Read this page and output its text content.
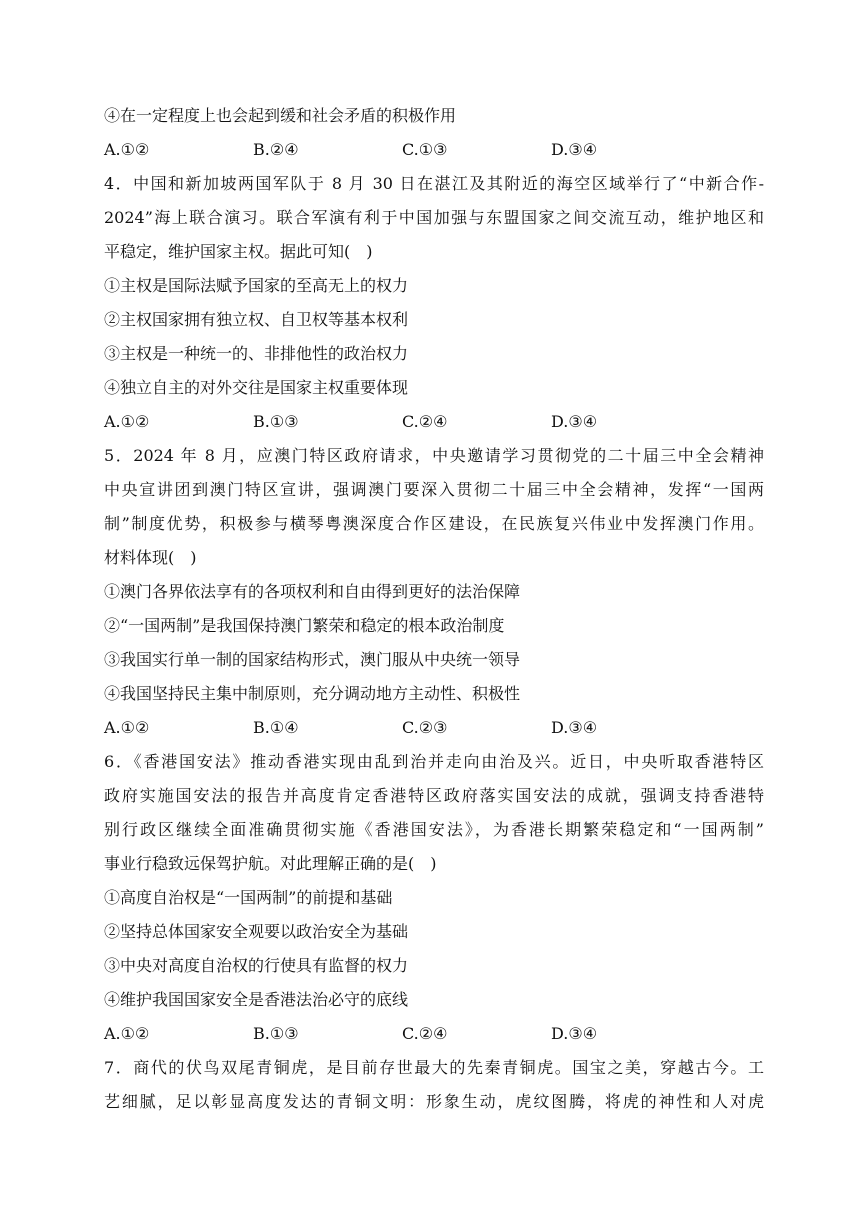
④在一定程度上也会起到缓和社会矛盾的积极作用
A.①②	B.②④	C.①③	D.③④
4．中国和新加坡两国军队于 8 月 30 日在湛江及其附近的海空区域举行了“中新合作-
2024”海上联合演习。联合军演有利于中国加强与东盟国家之间交流互动，维护地区和
平稳定，维护国家主权。据此可知(　)
①主权是国际法赋予国家的至高无上的权力
②主权国家拥有独立权、自卫权等基本权利
③主权是一种统一的、非排他性的政治权力
④独立自主的对外交往是国家主权重要体现
A.①②	B.①③	C.②④	D.③④
5．2024 年 8 月，应澳门特区政府请求，中央邀请学习贯彻党的二十届三中全会精神
中央宣讲团到澳门特区宣讲，强调澳门要深入贯彻二十届三中全会精神，发挥“一国两
制”制度优势，积极参与横琴粤澳深度合作区建设，在民族复兴伟业中发挥澳门作用。
材料体现(　)
①澳门各界依法享有的各项权利和自由得到更好的法治保障
②“一国两制”是我国保持澳门繁荣和稳定的根本政治制度
③我国实行单一制的国家结构形式，澳门服从中央统一领导
④我国坚持民主集中制原则，充分调动地方主动性、积极性
A.①②	B.①④	C.②③	D.③④
6．《香港国安法》推动香港实现由乱到治并走向由治及兴。近日，中央听取香港特区
政府实施国安法的报告并高度肯定香港特区政府落实国安法的成就，强调支持香港特
别行政区继续全面准确贯彻实施《香港国安法》，为香港长期繁荣稳定和“一国两制”
事业行稳致远保驾护航。对此理解正确的是(　)
①高度自治权是“一国两制”的前提和基础
②坚持总体国家安全观要以政治安全为基础
③中央对高度自治权的行使具有监督的权力
④维护我国国家安全是香港法治必守的底线
A.①②	B.①③	C.②④	D.③④
7．商代的伏鸟双尾青铜虎，是目前存世最大的先秦青铜虎。国宝之美，穿越古今。工
艺细腻，足以彰显高度发达的青铜文明：形象生动，虎纹图腾，将虎的神性和人对虎
